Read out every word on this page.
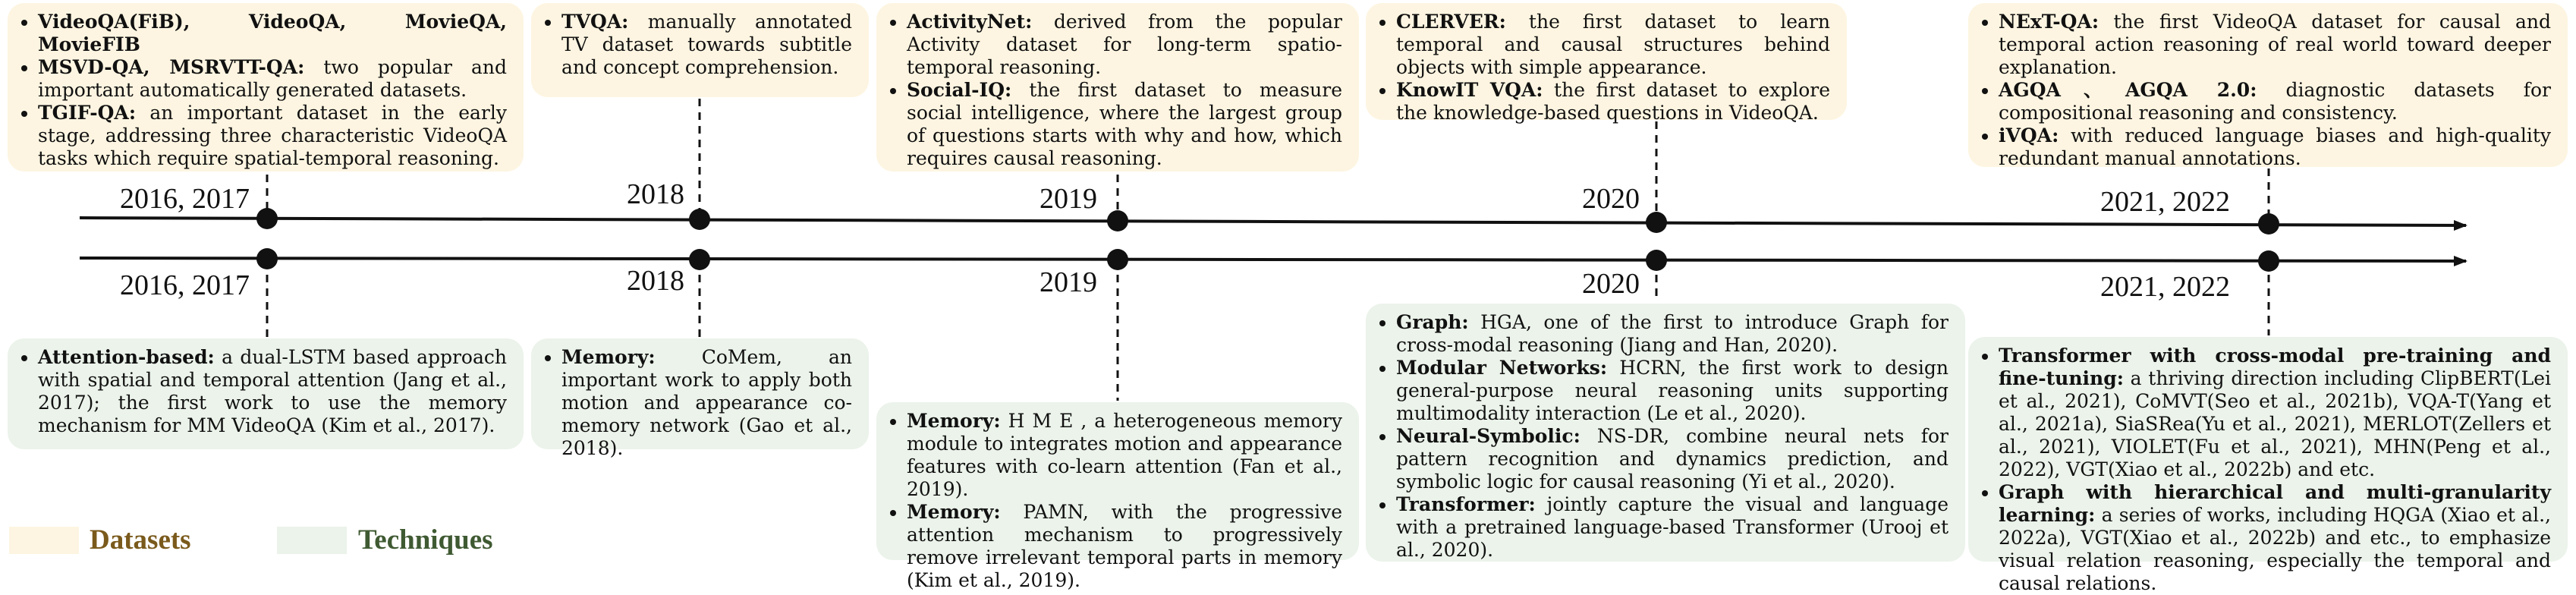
2016, 2017	2018	2019	2020	2021, 2022
2016, 2017	2018	2019	2020	2021, 2022
• VideoQA(FiB), VideoQA, MovieQA, MovieFIB
• MSVD-QA, MSRVTT-QA: two popular and important automatically generated datasets.
• TGIF-QA: an important dataset in the early stage, addressing three characteristic VideoQA tasks which require spatial-temporal reasoning.
• TVQA: manually annotated TV dataset towards subtitle and concept comprehension.
• ActivityNet: derived from the popular Activity dataset for long-term spatio-temporal reasoning.
• Social-IQ: the first dataset to measure social intelligence, where the largest group of questions starts with why and how, which requires causal reasoning.
• CLERVER: the first dataset to learn temporal and causal structures behind objects with simple appearance.
• KnowIT VQA: the first dataset to explore the knowledge-based questions in VideoQA.
• NExT-QA: the first VideoQA dataset for causal and temporal action reasoning of real world toward deeper explanation.
• AGQA、AGQA 2.0: diagnostic datasets for compositional reasoning and consistency.
• iVQA: with reduced language biases and high-quality redundant manual annotations.
• Attention-based: a dual-LSTM based approach with spatial and temporal attention (Jang et al., 2017); the first work to use the memory mechanism for MM VideoQA (Kim et al., 2017).
• Memory: CoMem, an important work to apply both motion and appearance co-memory network (Gao et al., 2018).
• Memory: H M E , a heterogeneous memory module to integrates motion and appearance features with co-learn attention (Fan et al., 2019).
• Memory: PAMN, with the progressive attention mechanism to progressively remove irrelevant temporal parts in memory (Kim et al., 2019).
• Graph: HGA, one of the first to introduce Graph for cross-modal reasoning (Jiang and Han, 2020).
• Modular Networks: HCRN, the first work to design general-purpose neural reasoning units supporting multimodality interaction (Le et al., 2020).
• Neural-Symbolic: NS-DR, combine neural nets for pattern recognition and dynamics prediction, and symbolic logic for causal reasoning (Yi et al., 2020).
• Transformer: jointly capture the visual and language with a pretrained language-based Transformer (Urooj et al., 2020).
• Transformer with cross-modal pre-training and fine-tuning: a thriving direction including ClipBERT(Lei et al., 2021), CoMVT(Seo et al., 2021b), VQA-T(Yang et al., 2021a), SiaSRea(Yu et al., 2021), MERLOT(Zellers et al., 2021), VIOLET(Fu et al., 2021), MHN(Peng et al., 2022), VGT(Xiao et al., 2022b) and etc.
• Graph with hierarchical and multi-granularity learning: a series of works, including HQGA (Xiao et al., 2022a), VGT(Xiao et al., 2022b) and etc., to emphasize visual relation reasoning, especially the temporal and causal relations.
Datasets	Techniques
